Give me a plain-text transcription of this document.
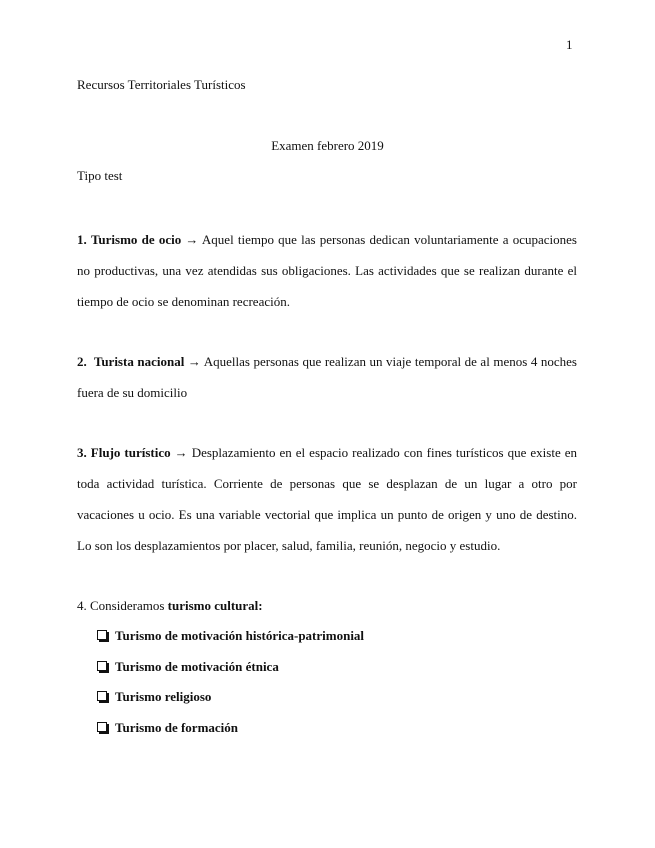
1
Recursos Territoriales Turísticos
Examen febrero 2019
Tipo test

1. Turismo de ocio → Aquel tiempo que las personas dedican voluntariamente a ocupaciones no productivas, una vez atendidas sus obligaciones. Las actividades que se realizan durante el tiempo de ocio se denominan recreación.

2. Turista nacional → Aquellas personas que realizan un viaje temporal de al menos 4 noches fuera de su domicilio

3. Flujo turístico → Desplazamiento en el espacio realizado con fines turísticos que existe en toda actividad turística. Corriente de personas que se desplazan de un lugar a otro por vacaciones u ocio. Es una variable vectorial que implica un punto de origen y uno de destino. Lo son los desplazamientos por placer, salud, familia, reunión, negocio y estudio.

4. Consideramos turismo cultural:

Turismo de motivación histórica-patrimonial
Turismo de motivación étnica
Turismo religioso
Turismo de formación
